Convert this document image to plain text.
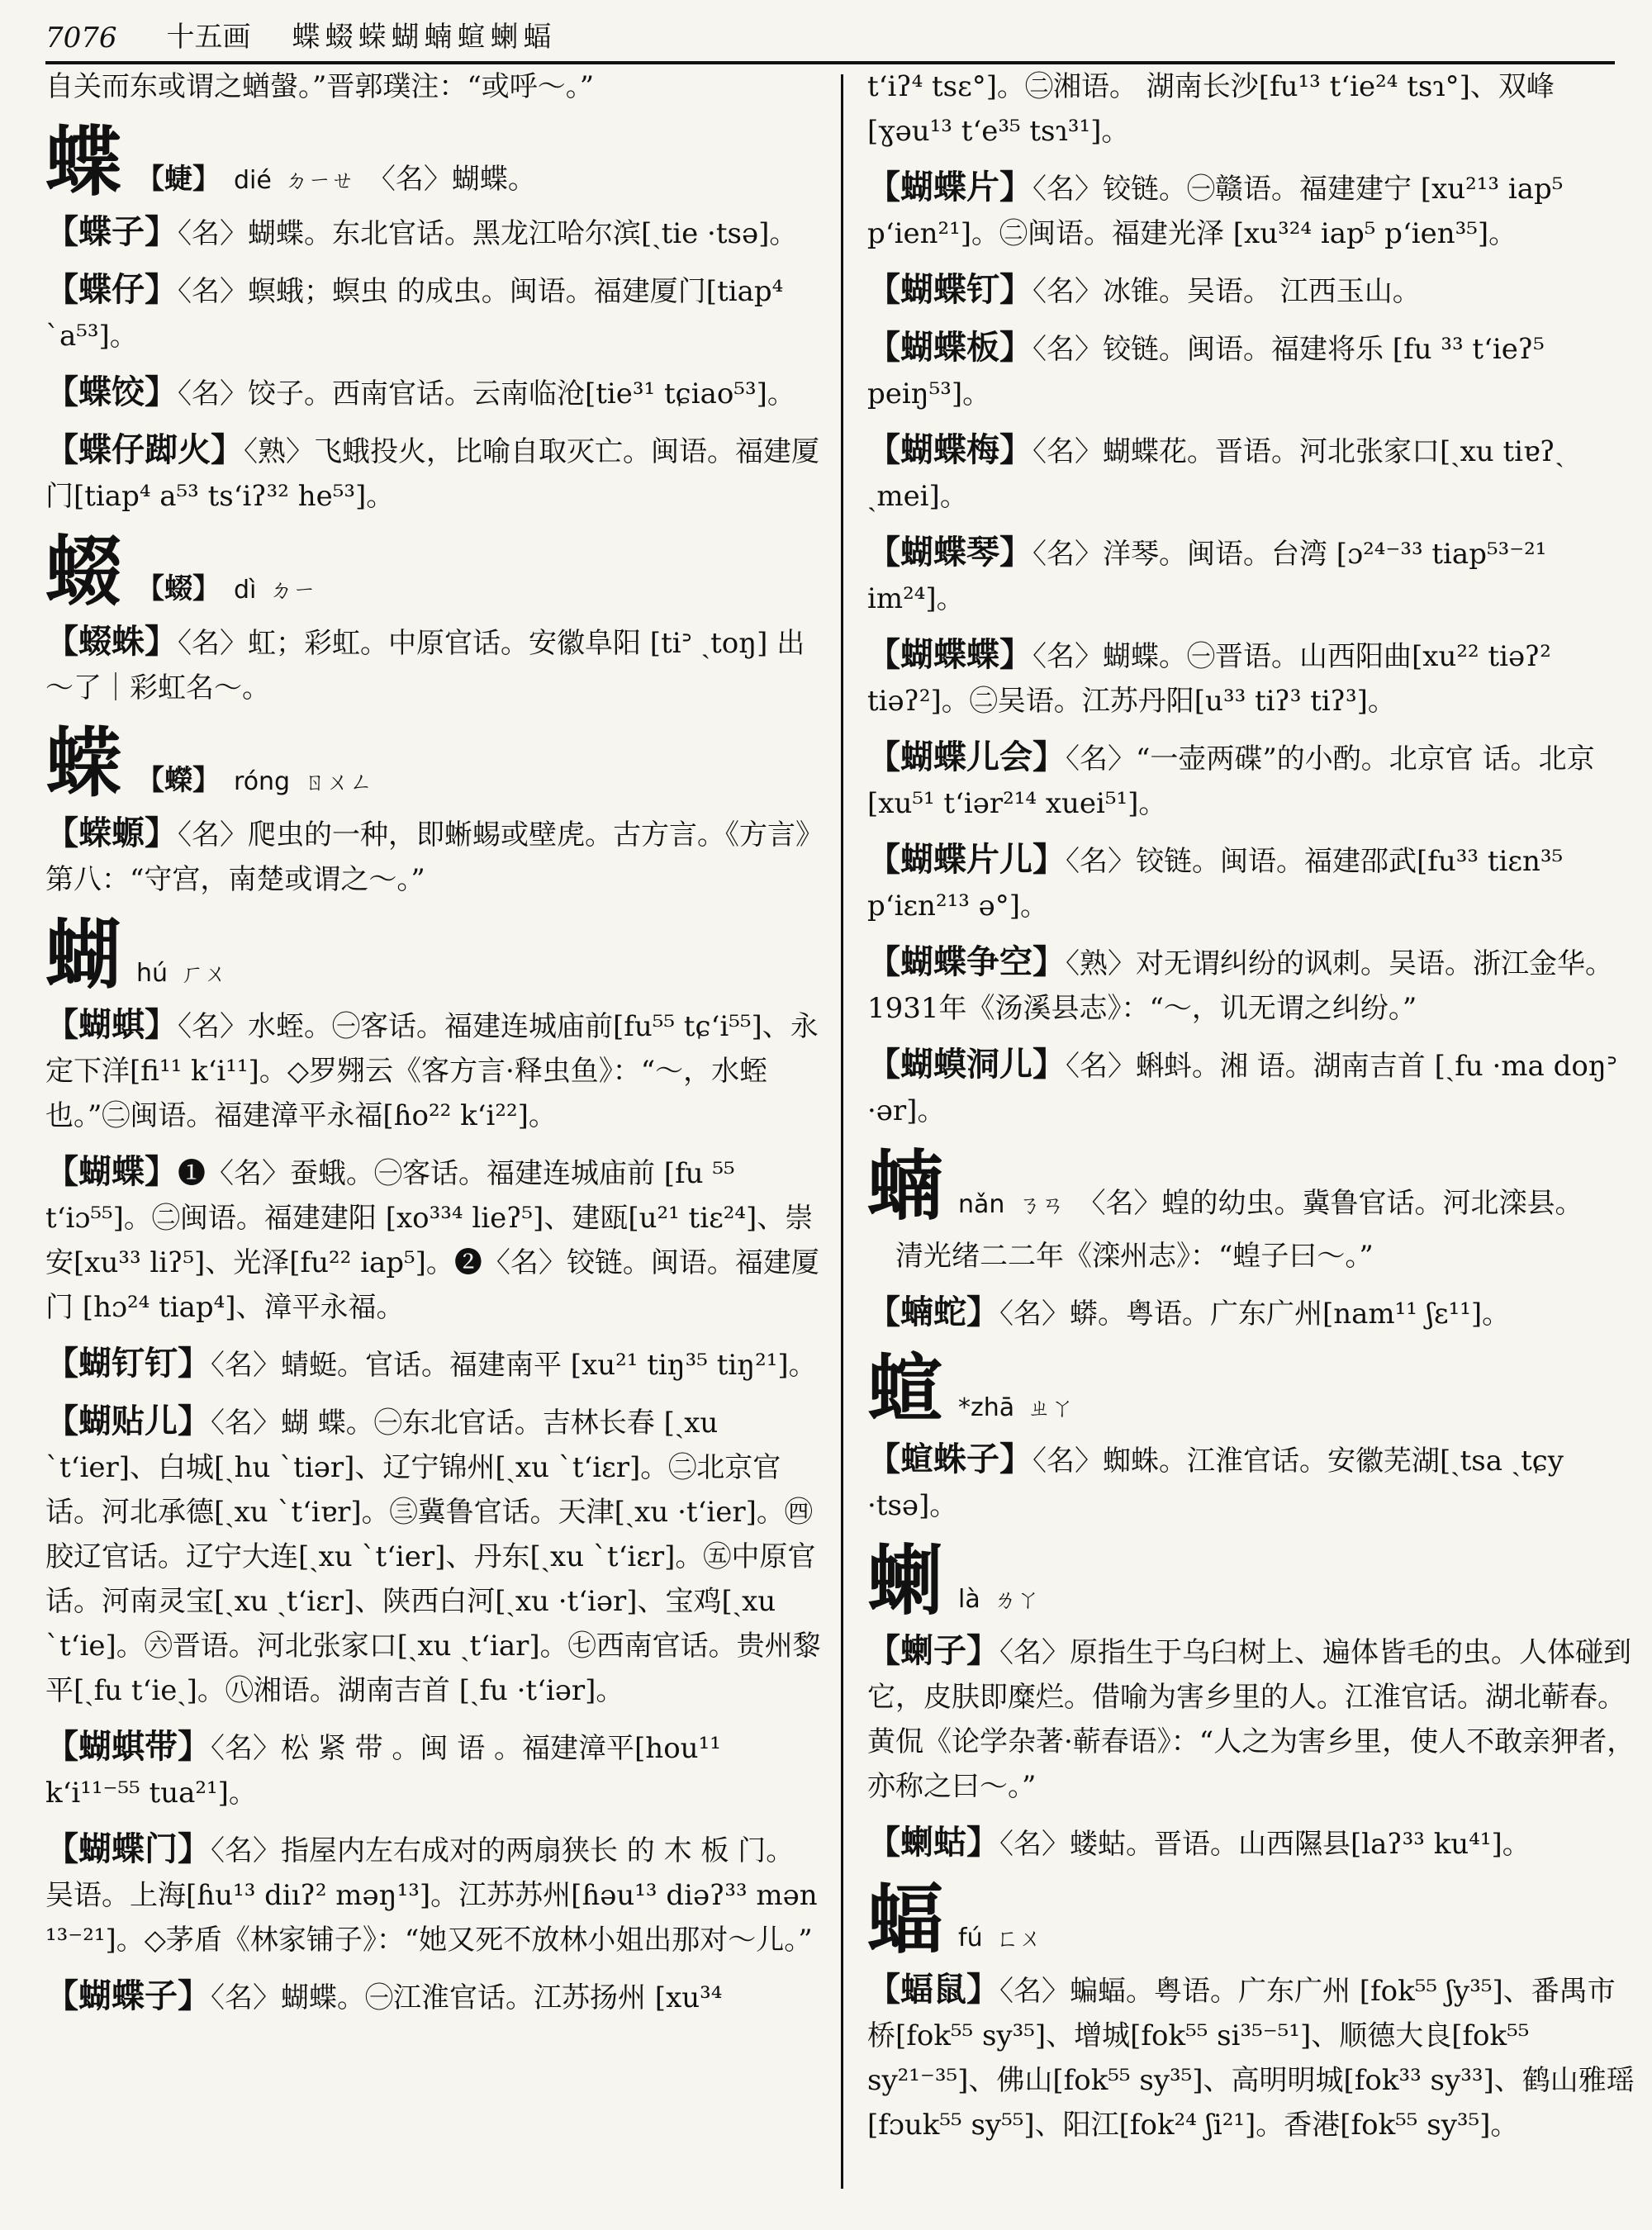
7076 十五画 蝶蝃蝾蝴蝻蝖蝲蝠

自关而东或谓之蝤螜。”晋郭璞注：“或呼～。”

蝶 【蜨】 dié ㄉㄧㄝ 〈名〉蝴蝶。

【蝶子】〈名〉蝴蝶。东北官话。黑龙江哈尔滨[ˏtie ·tsə]。

【蝶仔】〈名〉螟蛾；螟虫 的成虫。闽语。福建厦门[tiap⁴ ˋa⁵³]。

【蝶饺】〈名〉饺子。西南官话。云南临沧[tie³¹ tɕiao⁵³]。

【蝶仔踋火】〈熟〉飞蛾投火，比喻自取灭亡。闽语。福建厦门[tiap⁴ a⁵³ tsʻiʔ³² he⁵³]。

蝃 【蝃】 dì ㄉㄧ

【蝃蛛】〈名〉虹；彩虹。中原官话。安徽阜阳 [tiᐣ ˏtoŋ] 出～了｜彩虹名～。

蝾 【蠑】 róng ㄖㄨㄥ

【蝾螈】〈名〉爬虫的一种，即蜥蜴或壁虎。古方言。《方言》第八：“守宫，南楚或谓之～。”

蝴 hú ㄏㄨ

【蝴蜞】〈名〉水蛭。㊀客话。福建连城庙前[fu⁵⁵ tɕʻi⁵⁵]、永定下洋[fi¹¹ kʻi¹¹]。◇罗翙云《客方言·释虫鱼》：“～，水蛭也。”㊁闽语。福建漳平永福[ɦo²² kʻi²²]。

【蝴蝶】❶〈名〉蚕蛾。㊀客话。福建连城庙前 [fu ⁵⁵ tʻiɔ⁵⁵]。㊁闽语。福建建阳 [xo³³⁴ lieʔ⁵]、建瓯[u²¹ tiɛ²⁴]、崇安[xu³³ liʔ⁵]、光泽[fu²² iap⁵]。❷〈名〉铰链。闽语。福建厦门 [hɔ²⁴ tiap⁴]、漳平永福。

【蝴钉钉】〈名〉蜻蜓。官话。福建南平 [xu²¹ tiŋ³⁵ tiŋ²¹]。

【蝴贴儿】〈名〉蝴 蝶。㊀东北官话。吉林长春 [ˏxu ˋtʻier]、白城[ˏhu ˋtiər]、辽宁锦州[ˏxu ˋtʻiɛr]。㊁北京官话。河北承德[ˏxu ˋtʻiɐr]。㊂冀鲁官话。天津[ˏxu ·tʻier]。㊃胶辽官话。辽宁大连[ˏxu ˋtʻier]、丹东[ˏxu ˋtʻiɛr]。㊄中原官话。河南灵宝[ˏxu ˏtʻiɛr]、陕西白河[ˏxu ·tʻiər]、宝鸡[ˏxu ˋtʻie]。㊅晋语。河北张家口[ˏxu ˏtʻiar]。㊆西南官话。贵州黎平[ˏfu tʻieˏ]。㊇湘语。湖南吉首 [ˏfu ·tʻiər]。

【蝴蜞带】〈名〉松 紧 带 。闽 语 。福建漳平[hou¹¹ kʻi¹¹⁻⁵⁵ tua²¹]。

【蝴蝶门】〈名〉指屋内左右成对的两扇狭长 的 木 板 门。吴语。上海[ɦu¹³ diıʔ² məŋ¹³]。江苏苏州[ɦəu¹³ diəʔ³³ mən ¹³⁻²¹]。◇茅盾《林家铺子》：“她又死不放林小姐出那对～儿。”

【蝴蝶子】〈名〉蝴蝶。㊀江淮官话。江苏扬州 [xu³⁴

tʻiʔ⁴ tsɛ°]。㊁湘语。 湖南长沙[fu¹³ tʻie²⁴ tsɿ°]、双峰[ɣəu¹³ tʻe³⁵ tsɿ³¹]。

【蝴蝶片】〈名〉铰链。㊀赣语。福建建宁 [xu²¹³ iap⁵ pʻien²¹]。㊁闽语。福建光泽 [xu³²⁴ iap⁵ pʻien³⁵]。

【蝴蝶钉】〈名〉冰锥。吴语。 江西玉山。

【蝴蝶板】〈名〉铰链。闽语。福建将乐 [fu ³³ tʻieʔ⁵ peiŋ⁵³]。

【蝴蝶梅】〈名〉蝴蝶花。晋语。河北张家口[ˏxu tiɐʔˏ ˏmei]。

【蝴蝶琴】〈名〉洋琴。闽语。台湾 [ɔ²⁴⁻³³ tiap⁵³⁻²¹ im²⁴]。

【蝴蝶蝶】〈名〉蝴蝶。㊀晋语。山西阳曲[xu²² tiəʔ² tiəʔ²]。㊁吴语。江苏丹阳[u³³ tiʔ³ tiʔ³]。

【蝴蝶儿会】〈名〉“一壶两碟”的小酌。北京官 话。北京[xu⁵¹ tʻiər²¹⁴ xuei⁵¹]。

【蝴蝶片儿】〈名〉铰链。闽语。福建邵武[fu³³ tiɛn³⁵ pʻiɛn²¹³ ə°]。

【蝴蝶争空】〈熟〉对无谓纠纷的讽刺。吴语。浙江金华。1931年《汤溪县志》：“～，讥无谓之纠纷。”

【蝴蟆洞儿】〈名〉蝌蚪。湘 语。湖南吉首 [ˏfu ·ma doŋᐣ ·ər]。

蝻 nǎn ㄋㄢ 〈名〉蝗的幼虫。冀鲁官话。河北滦县。

清光绪二二年《滦州志》：“蝗子曰～。”

【蝻蛇】〈名〉蟒。粤语。广东广州[nam¹¹ ʃɛ¹¹]。

蝖 *zhā ㄓㄚ

【蝖蛛子】〈名〉蜘蛛。江淮官话。安徽芜湖[ˏtsa ˏtɕy ·tsə]。

蝲 là ㄌㄚ

【蝲子】〈名〉原指生于乌臼树上、遍体皆毛的虫。人体碰到它，皮肤即糜烂。借喻为害乡里的人。江淮官话。湖北蕲春。黄侃《论学杂著·蕲春语》：“人之为害乡里，使人不敢亲狎者，亦称之曰～。”

【蝲蛄】〈名〉蝼蛄。晋语。山西隰县[laʔ³³ ku⁴¹]。

蝠 fú ㄈㄨ

【蝠鼠】〈名〉蝙蝠。粤语。广东广州 [fok⁵⁵ ʃy³⁵]、番禺市桥[fok⁵⁵ sy³⁵]、增城[fok⁵⁵ si³⁵⁻⁵¹]、顺德大良[fok⁵⁵ sy²¹⁻³⁵]、佛山[fok⁵⁵ sy³⁵]、高明明城[fok³³ sy³³]、鹤山雅瑶 [fɔuk⁵⁵ sy⁵⁵]、阳江[fok²⁴ ʃi²¹]。香港[fok⁵⁵ sy³⁵]。
